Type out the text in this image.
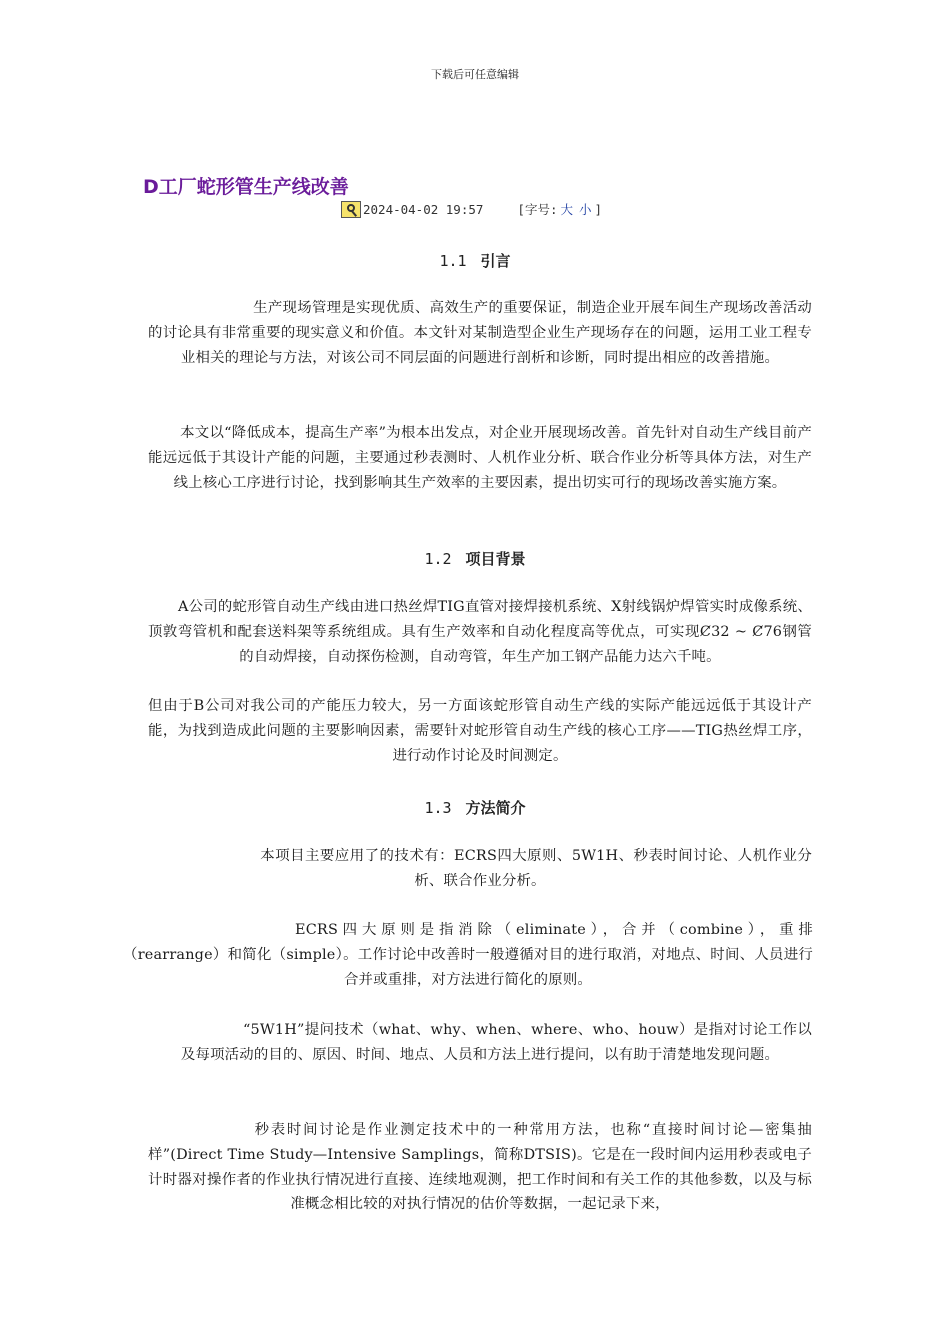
下载后可任意编辑
D工厂蛇形管生产线改善
2024-04-02 19:57	[字号: 大 小 ]
1.1 引言
生产现场管理是实现优质、高效生产的重要保证，制造企业开展车间生产现场改善活动的讨论具有非常重要的现实意义和价值。本文针对某制造型企业生产现场存在的问题，运用工业工程专业相关的理论与方法，对该公司不同层面的问题进行剖析和诊断，同时提出相应的改善措施。
本文以“降低成本，提高生产率”为根本出发点，对企业开展现场改善。首先针对自动生产线目前产能远远低于其设计产能的问题，主要通过秒表测时、人机作业分析、联合作业分析等具体方法，对生产线上核心工序进行讨论，找到影响其生产效率的主要因素，提出切实可行的现场改善实施方案。
1.2 项目背景
A公司的蛇形管自动生产线由进口热丝焊TIG直管对接焊接机系统、X射线锅炉焊管实时成像系统、顶敦弯管机和配套送料架等系统组成。具有生产效率和自动化程度高等优点，可实现Ȼ32 ~ Ȼ76钢管的自动焊接，自动探伤检测，自动弯管，年生产加工钢产品能力达六千吨。
但由于B公司对我公司的产能压力较大，另一方面该蛇形管自动生产线的实际产能远远低于其设计产能，为找到造成此问题的主要影响因素，需要针对蛇形管自动生产线的核心工序——TIG热丝焊工序，进行动作讨论及时间测定。
1.3 方法简介
本项目主要应用了的技术有：ECRS四大原则、5W1H、秒表时间讨论、人机作业分析、联合作业分析。
ECRS四大原则是指消除（eliminate），合并（combine），重排（rearrange）和简化（simple）。工作讨论中改善时一般遵循对目的进行取消，对地点、时间、人员进行合并或重排，对方法进行简化的原则。
“5W1H”提问技术（what、why、when、where、who、houw）是指对讨论工作以及每项活动的目的、原因、时间、地点、人员和方法上进行提问，以有助于清楚地发现问题。
秒表时间讨论是作业测定技术中的一种常用方法，也称“直接时间讨论—密集抽样”(Direct Time Study—Intensive Samplings，简称DTSIS)。它是在一段时间内运用秒表或电子计时器对操作者的作业执行情况进行直接、连续地观测，把工作时间和有关工作的其他参数，以及与标准概念相比较的对执行情况的估价等数据，一起记录下来，
